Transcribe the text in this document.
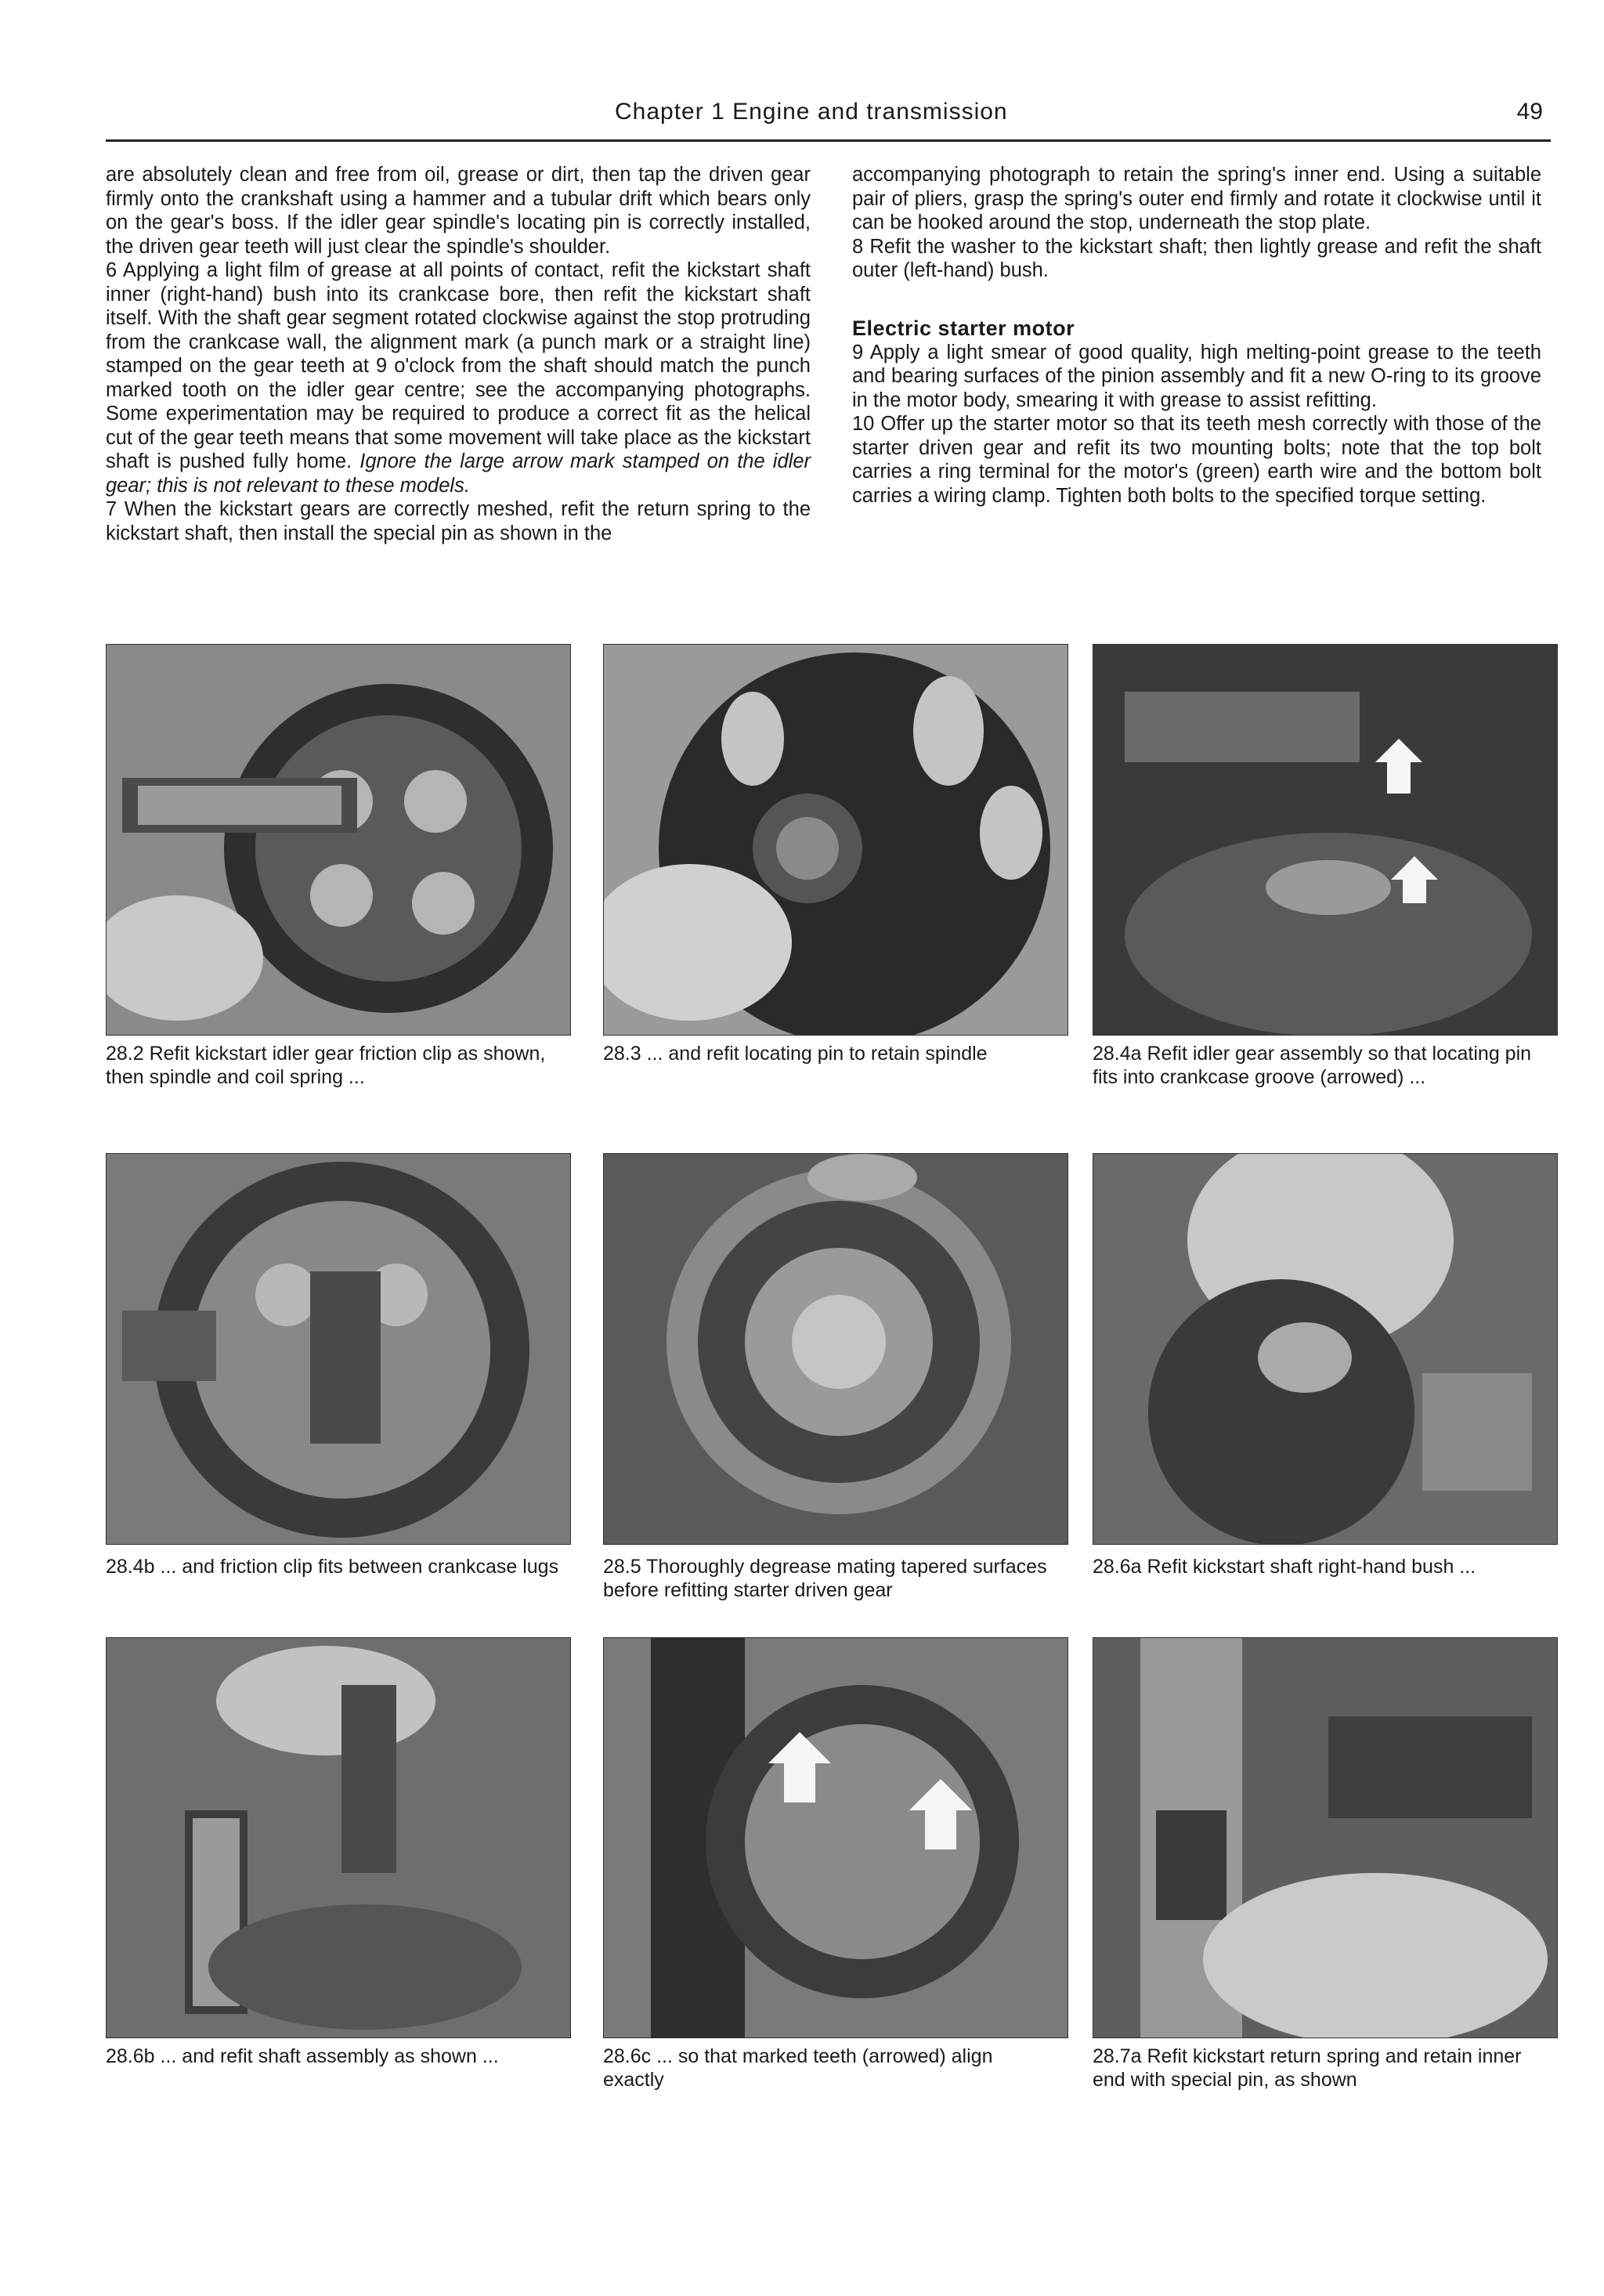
Chapter 1 Engine and transmission	49

are absolutely clean and free from oil, grease or dirt, then tap the driven gear firmly onto the crankshaft using a hammer and a tubular drift which bears only on the gear's boss. If the idler gear spindle's locating pin is correctly installed, the driven gear teeth will just clear the spindle's shoulder.

6 Applying a light film of grease at all points of contact, refit the kickstart shaft inner (right-hand) bush into its crankcase bore, then refit the kickstart shaft itself. With the shaft gear segment rotated clockwise against the stop protruding from the crankcase wall, the alignment mark (a punch mark or a straight line) stamped on the gear teeth at 9 o'clock from the shaft should match the punch marked tooth on the idler gear centre; see the accompanying photographs. Some experimentation may be required to produce a correct fit as the helical cut of the gear teeth means that some movement will take place as the kickstart shaft is pushed fully home. Ignore the large arrow mark stamped on the idler gear; this is not relevant to these models.

7 When the kickstart gears are correctly meshed, refit the return spring to the kickstart shaft, then install the special pin as shown in the

accompanying photograph to retain the spring's inner end. Using a suitable pair of pliers, grasp the spring's outer end firmly and rotate it clockwise until it can be hooked around the stop, underneath the stop plate.

8 Refit the washer to the kickstart shaft; then lightly grease and refit the shaft outer (left-hand) bush.

Electric starter motor

9 Apply a light smear of good quality, high melting-point grease to the teeth and bearing surfaces of the pinion assembly and fit a new O-ring to its groove in the motor body, smearing it with grease to assist refitting.

10 Offer up the starter motor so that its teeth mesh correctly with those of the starter driven gear and refit its two mounting bolts; note that the top bolt carries a ring terminal for the motor's (green) earth wire and the bottom bolt carries a wiring clamp. Tighten both bolts to the specified torque setting.

28.2 Refit kickstart idler gear friction clip as shown, then spindle and coil spring ...
28.3 ... and refit locating pin to retain spindle	28.4a Refit idler gear assembly so that locating pin fits into crankcase groove (arrowed) ...
28.4b ... and friction clip fits between crankcase lugs 28.5 Thoroughly degrease mating tapered surfaces before refitting starter driven gear
28.6a Refit kickstart shaft right-hand bush ...
28.6b ... and refit shaft assembly as shown ...	28.6c ... so that marked teeth (arrowed) align exactly
28.7a Refit kickstart return spring and retain inner end with special pin, as shown
